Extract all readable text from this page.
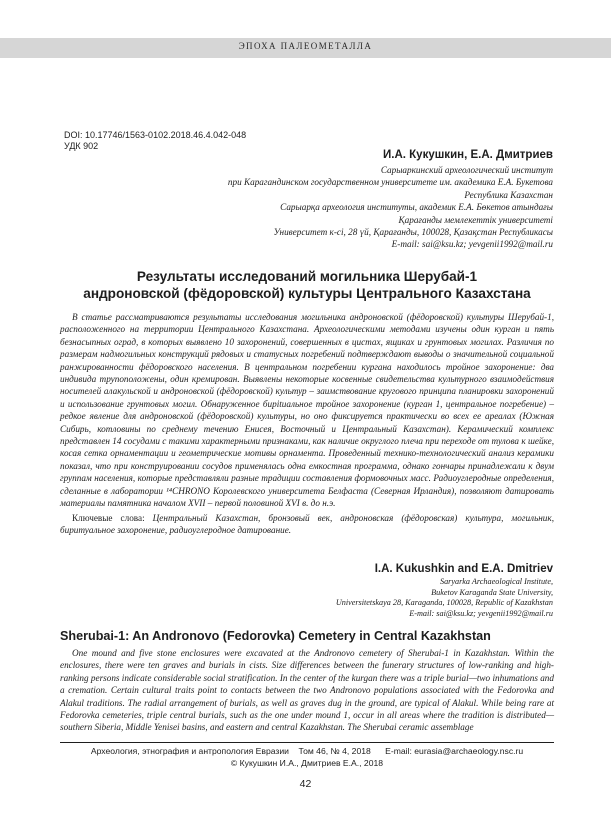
ЭПОХА ПАЛЕОМЕТАЛЛА
DOI: 10.17746/1563-0102.2018.46.4.042-048
УДК 902
И.А. Кукушкин, Е.А. Дмитриев
Сарыаркинский археологический институт
при Карагандинском государственном университете им. академика Е.А. Букетова
Республика Казахстан
Сарыарқа археология институты, академик Е.А. Бөкетов атындағы
Қарағанды мемлекеттік университеті
Университет к-сі, 28 үй, Қарағанды, 100028, Қазақстан Республикасы
E-mail: sai@ksu.kz; yevgenii1992@mail.ru
Результаты исследований могильника Шерубай-1
андроновской (фёдоровской) культуры Центрального Казахстана

В статье рассматриваются результаты исследования могильника андроновской (фёдоровской) культуры Шерубай-1, расположенного на территории Центрального Казахстана. Археологическими методами изучены один курган и пять безнасыпных оград, в которых выявлено 10 захоронений, совершенных в цистах, ящиках и грунтовых могилах. Различия по размерам надмогильных конструкций рядовых и статусных погребений подтверждают выводы о значительной социальной ранжированности фёдоровского населения. В центральном погребении кургана находилось тройное захоронение: два индивида трупоположены, один кремирован. Выявлены некоторые косвенные свидетельства культурного взаимодействия носителей алакульской и андроновской (фёдоровской) культур – заимствование кругового принципа планировки захоронений и использование грунтовых могил. Обнаруженное бирituальное тройное захоронение (курган 1, центральное погребение) – редкое явление для андроновской (фёдоровской) культуры, но оно фиксируется практически во всех ее ареалах (Южная Сибирь, котловины по среднему течению Енисея, Восточный и Центральный Казахстан). Керамический комплекс представлен 14 сосудами с такими характерными признаками, как наличие округлого плеча при переходе от тулова к шейке, косая сетка орнаментации и геометрические мотивы орнамента. Проведенный технико-технологический анализ керамики показал, что при конструировании сосудов применялась одна емкостная программа, однако гончары принадлежали к двум группам населения, которые представляли разные традиции составления формовочных масс. Радиоуглеродные определения, сделанные в лаборатории ¹⁴CHRONO Королевского университета Белфаста (Северная Ирландия), позволяют датировать материалы памятника началом XVII – первой половиной XVI в. до н.э.

Ключевые слова: Центральный Казахстан, бронзовый век, андроновская (фёдоровская) культура, могильник, биритуальное захоронение, радиоуглеродное датирование.

I.A. Kukushkin and E.A. Dmitriev
Saryarka Archaeological Institute,
Buketov Karaganda State University,
Universitetskaya 28, Karaganda, 100028, Republic of Kazakhstan
E-mail: sai@ksu.kz; yevgenii1992@mail.ru
Sherubai-1: An Andronovo (Fedorovka) Cemetery in Central Kazakhstan

One mound and five stone enclosures were excavated at the Andronovo cemetery of Sherubai-1 in Kazakhstan. Within the enclosures, there were ten graves and burials in cists. Size differences between the funerary structures of low-ranking and high-ranking persons indicate considerable social stratification. In the center of the kurgan there was a triple burial—two inhumations and a cremation. Certain cultural traits point to contacts between the two Andronovo populations associated with the Fedorovka and Alakul traditions. The radial arrangement of burials, as well as graves dug in the ground, are typical of Alakul. While being rare at Fedorovka cemeteries, triple central burials, such as the one under mound 1, occur in all areas where the tradition is distributed—southern Siberia, Middle Yenisei basins, and eastern and central Kazakhstan. The Sherubai ceramic assemblage

Археология, этнография и антропология Евразии Том 46, № 4, 2018 E-mail: eurasia@archaeology.nsc.ru
© Кукушкин И.А., Дмитриев Е.А., 2018
42
